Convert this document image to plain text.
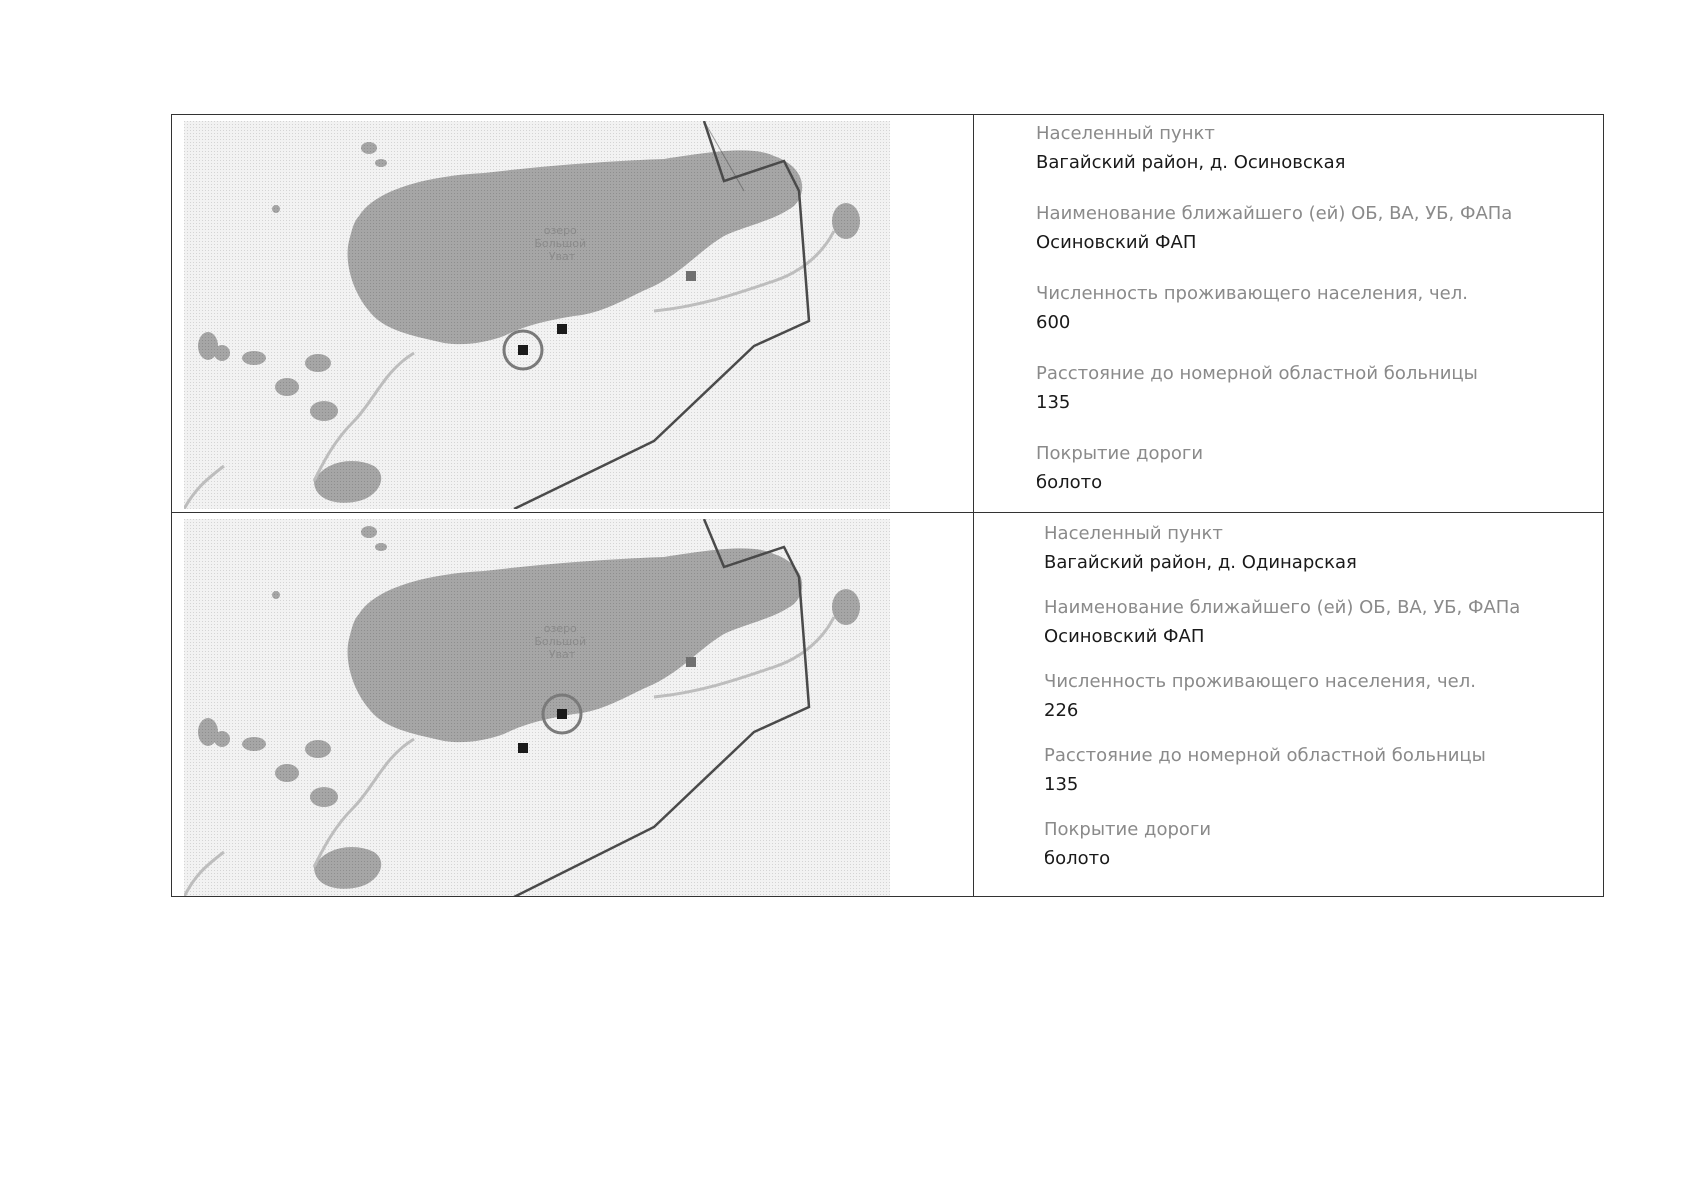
озеро Большой Уват
Населенный пункт
Вагайский район, д. Осиновская
Наименование ближайшего (ей) ОБ, ВА, УБ, ФАПа
Осиновский ФАП
Численность проживающего населения, чел.
600
Расстояние до номерной областной больницы
135
Покрытие дороги
болото
озеро Большой Уват
Населенный пункт
Вагайский район, д. Одинарская
Наименование ближайшего (ей) ОБ, ВА, УБ, ФАПа
Осиновский ФАП
Численность проживающего населения, чел.
226
Расстояние до номерной областной больницы
135
Покрытие дороги
болото
